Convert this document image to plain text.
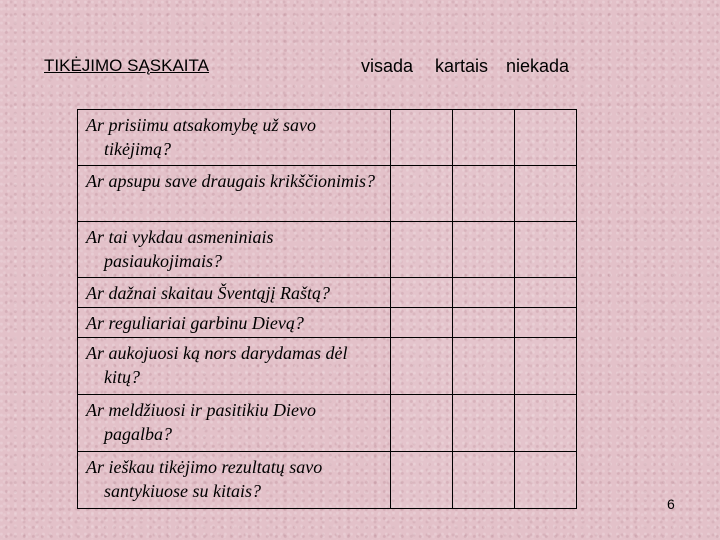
TIKĖJIMO SĄSKAITA	visada kartais niekada
Ar prisiimu atsakomybę už savo tikėjimą?			

Ar apsupu save draugais krikščionimis?			

Ar tai vykdau asmeniniais pasiaukojimais?			

Ar dažnai skaitau Šventąjį Raštą?			

Ar reguliariai garbinu Dievą?			

Ar aukojuosi ką nors darydamas dėl kitų?			

Ar meldžiuosi ir pasitikiu Dievo pagalba?			

Ar ieškau tikėjimo rezultatų savo santykiuose su kitais?			

6
